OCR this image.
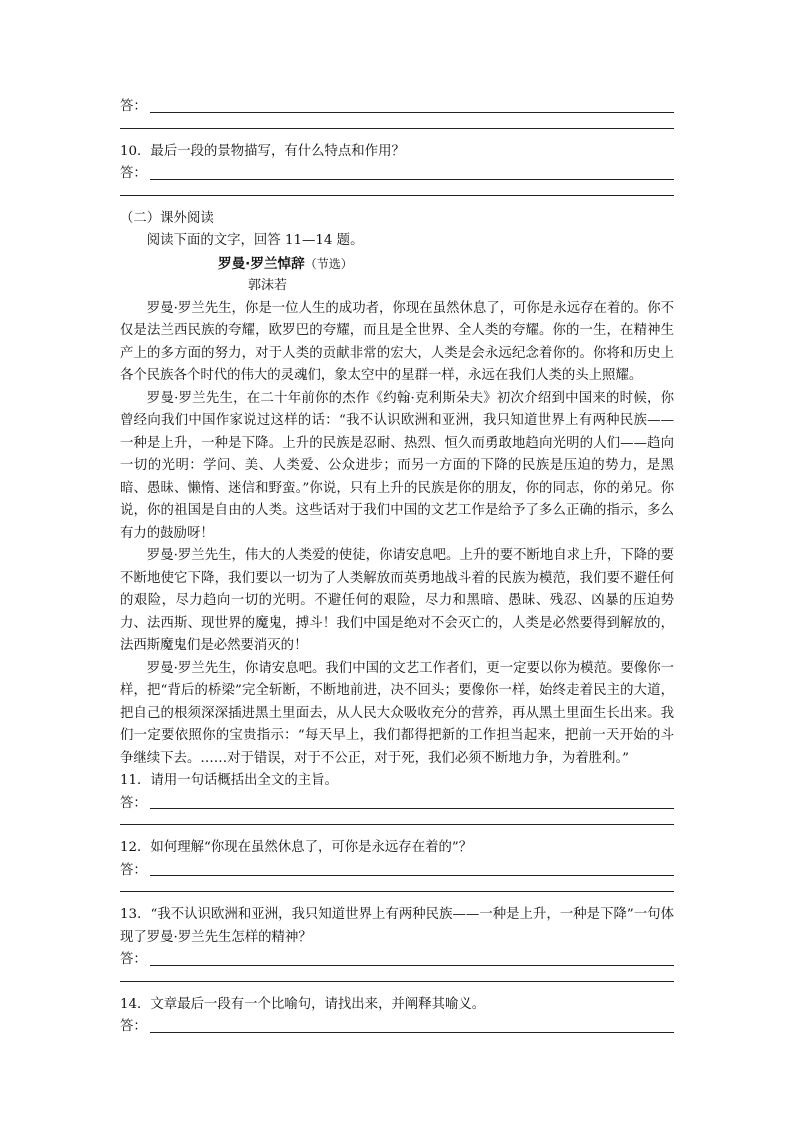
答：
10．最后一段的景物描写，有什么特点和作用？
答：
（二）课外阅读
阅读下面的文字，回答 11—14 题。
罗曼·罗兰悼辞（节选）
郭沫若

罗曼·罗兰先生，你是一位人生的成功者，你现在虽然休息了，可你是永远存在着的。你不仅是法兰西民族的夸耀，欧罗巴的夸耀，而且是全世界、全人类的夸耀。你的一生，在精神生产上的多方面的努力，对于人类的贡献非常的宏大，人类是会永远纪念着你的。你将和历史上各个民族各个时代的伟大的灵魂们，象太空中的星群一样，永远在我们人类的头上照耀。

罗曼·罗兰先生，在二十年前你的杰作《约翰·克利斯朵夫》初次介绍到中国来的时候，你曾经向我们中国作家说过这样的话：“我不认识欧洲和亚洲，我只知道世界上有两种民族——一种是上升，一种是下降。上升的民族是忍耐、热烈、恒久而勇敢地趋向光明的人们——趋向一切的光明：学问、美、人类爱、公众进步；而另一方面的下降的民族是压迫的势力，是黑暗、愚昧、懒惰、迷信和野蛮。”你说，只有上升的民族是你的朋友，你的同志，你的弟兄。你说，你的祖国是自由的人类。这些话对于我们中国的文艺工作是给予了多么正确的指示，多么有力的鼓励呀！

罗曼·罗兰先生，伟大的人类爱的使徒，你请安息吧。上升的要不断地自求上升，下降的要不断地使它下降，我们要以一切为了人类解放而英勇地战斗着的民族为模范，我们要不避任何的艰险，尽力趋向一切的光明。不避任何的艰险，尽力和黑暗、愚昧、残忍、凶暴的压迫势力、法西斯、现世界的魔鬼，搏斗！我们中国是绝对不会灭亡的，人类是必然要得到解放的，法西斯魔鬼们是必然要消灭的！

罗曼·罗兰先生，你请安息吧。我们中国的文艺工作者们，更一定要以你为模范。要像你一样，把“背后的桥梁”完全斩断，不断地前进，决不回头；要像你一样，始终走着民主的大道，把自己的根须深深插进黑土里面去，从人民大众吸收充分的营养，再从黑土里面生长出来。我们一定要依照你的宝贵指示：“每天早上，我们都得把新的工作担当起来，把前一天开始的斗争继续下去。……对于错误，对于不公正，对于死，我们必须不断地力争，为着胜利。”

11．请用一句话概括出全文的主旨。
答：
12．如何理解“你现在虽然休息了，可你是永远存在着的”？
答：
13．“我不认识欧洲和亚洲，我只知道世界上有两种民族——一种是上升，一种是下降”一句体现了罗曼·罗兰先生怎样的精神？
答：
14．文章最后一段有一个比喻句，请找出来，并阐释其喻义。
答：
